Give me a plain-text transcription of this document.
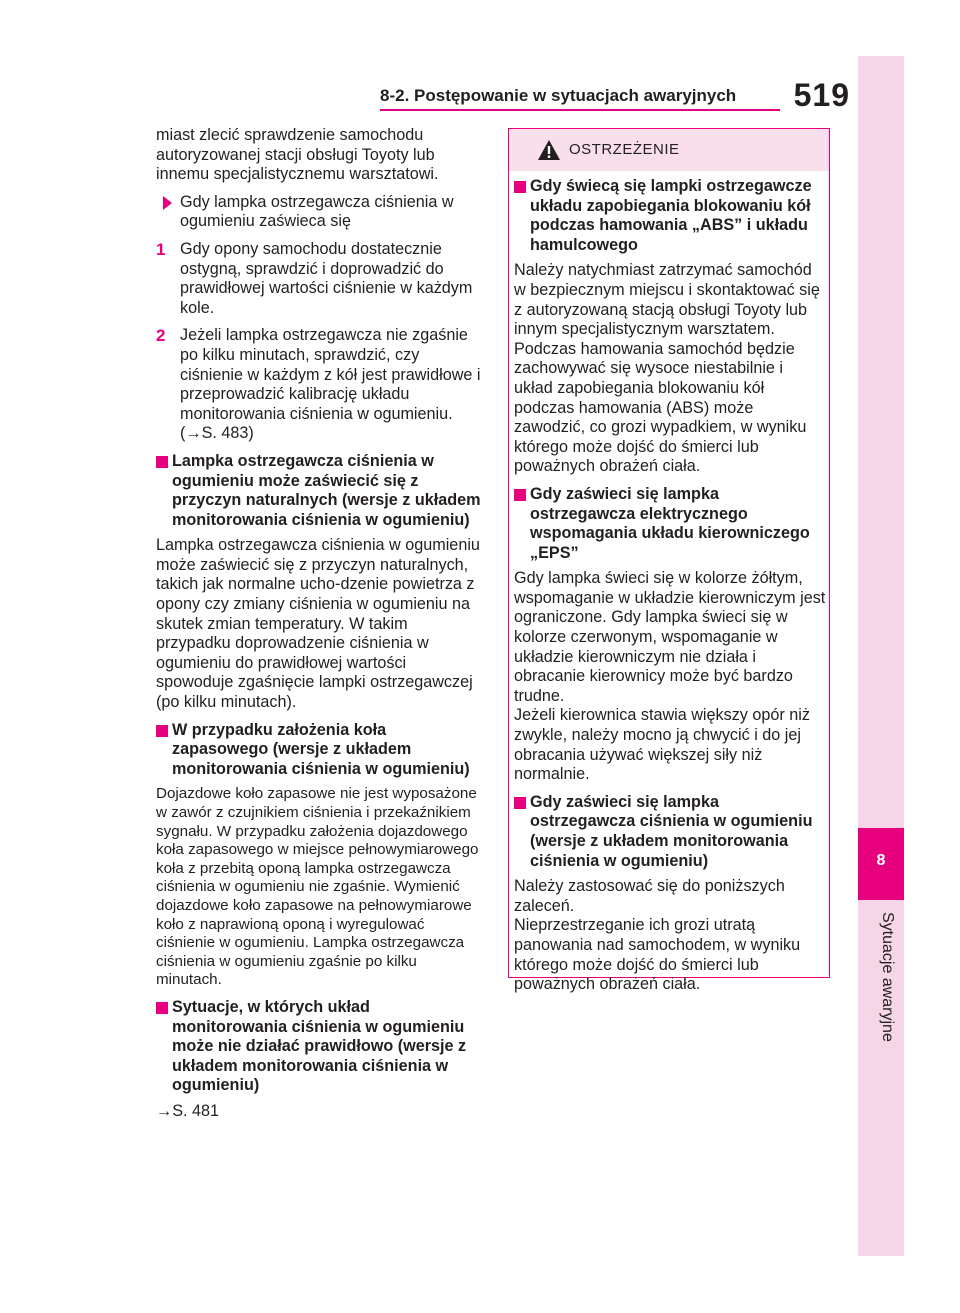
8-2. Postępowanie w sytuacjach awaryjnych 519
8
Sytuacje awaryjne

miast zlecić sprawdzenie samochodu autoryzowanej stacji obsługi Toyoty lub innemu specjalistycznemu warsztatowi.

Gdy lampka ostrzegawcza ciśnienia w ogumieniu zaświeca się
1 Gdy opony samochodu dostatecznie ostygną, sprawdzić i doprowadzić do prawidłowej wartości ciśnienie w każdym kole.
2 Jeżeli lampka ostrzegawcza nie zgaśnie po kilku minutach, sprawdzić, czy ciśnienie w każdym z kół jest prawidłowe i przeprowadzić kalibrację układu monitorowania ciśnienia w ogumieniu. (→S. 483)
Lampka ostrzegawcza ciśnienia w ogumieniu może zaświecić się z przyczyn naturalnych (wersje z układem monitorowania ciśnienia w ogumieniu)

Lampka ostrzegawcza ciśnienia w ogumieniu może zaświecić się z przyczyn naturalnych, takich jak normalne ucho-dzenie powietrza z opony czy zmiany ciśnienia w ogumieniu na skutek zmian temperatury. W takim przypadku doprowadzenie ciśnienia w ogumieniu do prawidłowej wartości spowoduje zgaśnięcie lampki ostrzegawczej (po kilku minutach).

W przypadku założenia koła zapasowego (wersje z układem monitorowania ciśnienia w ogumieniu)

Dojazdowe koło zapasowe nie jest wyposażone w zawór z czujnikiem ciśnienia i przekaźnikiem sygnału. W przypadku założenia dojazdowego koła zapasowego w miejsce pełnowymiarowego koła z przebitą oponą lampka ostrzegawcza ciśnienia w ogumieniu nie zgaśnie. Wymienić dojazdowe koło zapasowe na pełnowymiarowe koło z naprawioną oponą i wyregulować ciśnienie w ogumieniu. Lampka ostrzegawcza ciśnienia w ogumieniu zgaśnie po kilku minutach.

Sytuacje, w których układ monitorowania ciśnienia w ogumieniu może nie działać prawidłowo (wersje z układem monitorowania ciśnienia w ogumieniu)

→S. 481

OSTRZEŻENIE
Gdy świecą się lampki ostrzegawcze układu zapobiegania blokowaniu kół podczas hamowania „ABS” i układu hamulcowego

Należy natychmiast zatrzymać samochód w bezpiecznym miejscu i skontaktować się z autoryzowaną stacją obsługi Toyoty lub innym specjalistycznym warsztatem.

Podczas hamowania samochód będzie zachowywać się wysoce niestabilnie i układ zapobiegania blokowaniu kół podczas hamowania (ABS) może zawodzić, co grozi wypadkiem, w wyniku którego może dojść do śmierci lub poważnych obrażeń ciała.

Gdy zaświeci się lampka ostrzegawcza elektrycznego wspomagania układu kierowniczego „EPS”

Gdy lampka świeci się w kolorze żółtym, wspomaganie w układzie kierowniczym jest ograniczone. Gdy lampka świeci się w kolorze czerwonym, wspomaganie w układzie kierowniczym nie działa i obracanie kierownicy może być bardzo trudne.

Jeżeli kierownica stawia większy opór niż zwykle, należy mocno ją chwycić i do jej obracania używać większej siły niż normalnie.

Gdy zaświeci się lampka ostrzegawcza ciśnienia w ogumieniu (wersje z układem monitorowania ciśnienia w ogumieniu)

Należy zastosować się do poniższych zaleceń.

Nieprzestrzeganie ich grozi utratą panowania nad samochodem, w wyniku którego może dojść do śmierci lub poważnych obrażeń ciała.
